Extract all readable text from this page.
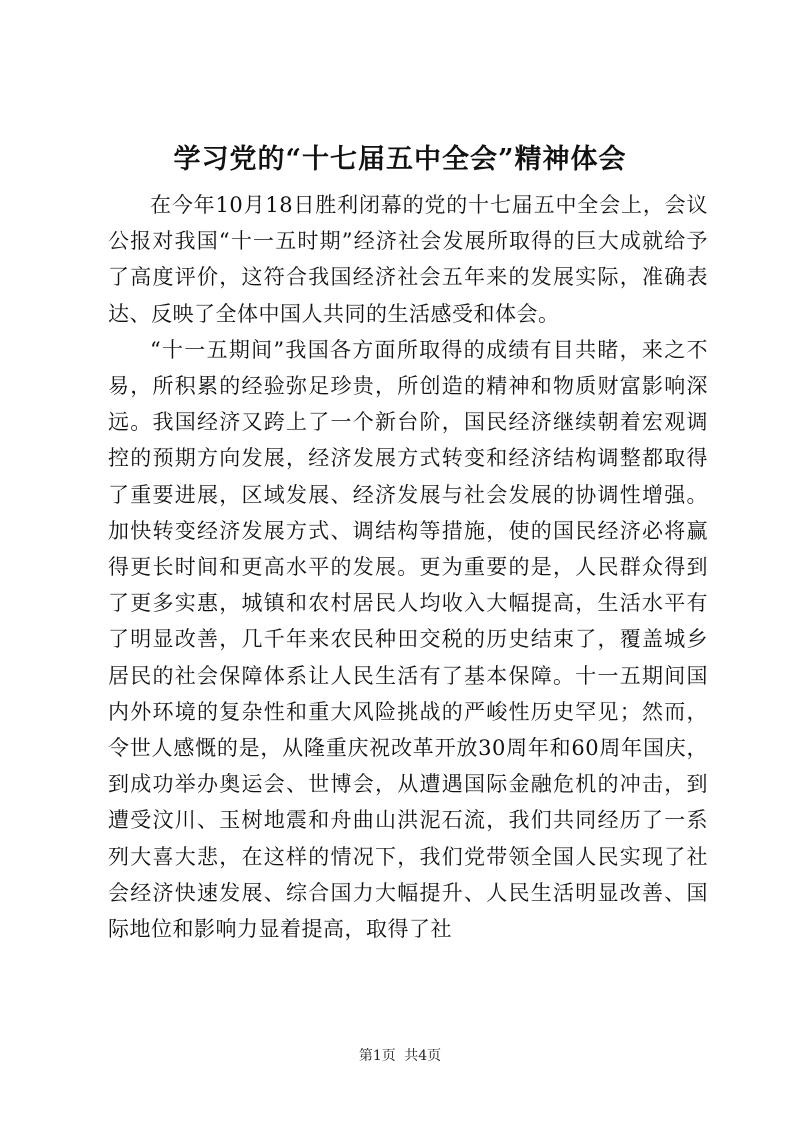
学习党的“十七届五中全会”精神体会

在今年10月18日胜利闭幕的党的十七届五中全会上，会议公报对我国“十一五时期”经济社会发展所取得的巨大成就给予了高度评价，这符合我国经济社会五年来的发展实际，准确表达、反映了全体中国人共同的生活感受和体会。

“十一五期间”我国各方面所取得的成绩有目共睹，来之不易，所积累的经验弥足珍贵，所创造的精神和物质财富影响深远。我国经济又跨上了一个新台阶，国民经济继续朝着宏观调控的预期方向发展，经济发展方式转变和经济结构调整都取得了重要进展，区域发展、经济发展与社会发展的协调性增强。加快转变经济发展方式、调结构等措施，使的国民经济必将赢得更长时间和更高水平的发展。更为重要的是，人民群众得到了更多实惠，城镇和农村居民人均收入大幅提高，生活水平有了明显改善，几千年来农民种田交税的历史结束了，覆盖城乡居民的社会保障体系让人民生活有了基本保障。十一五期间国内外环境的复杂性和重大风险挑战的严峻性历史罕见；然而，令世人感慨的是，从隆重庆祝改革开放30周年和60周年国庆，到成功举办奥运会、世博会，从遭遇国际金融危机的冲击，到遭受汶川、玉树地震和舟曲山洪泥石流，我们共同经历了一系列大喜大悲，在这样的情况下，我们党带领全国人民实现了社会经济快速发展、综合国力大幅提升、人民生活明显改善、国际地位和影响力显着提高，取得了社

第1页 共4页
